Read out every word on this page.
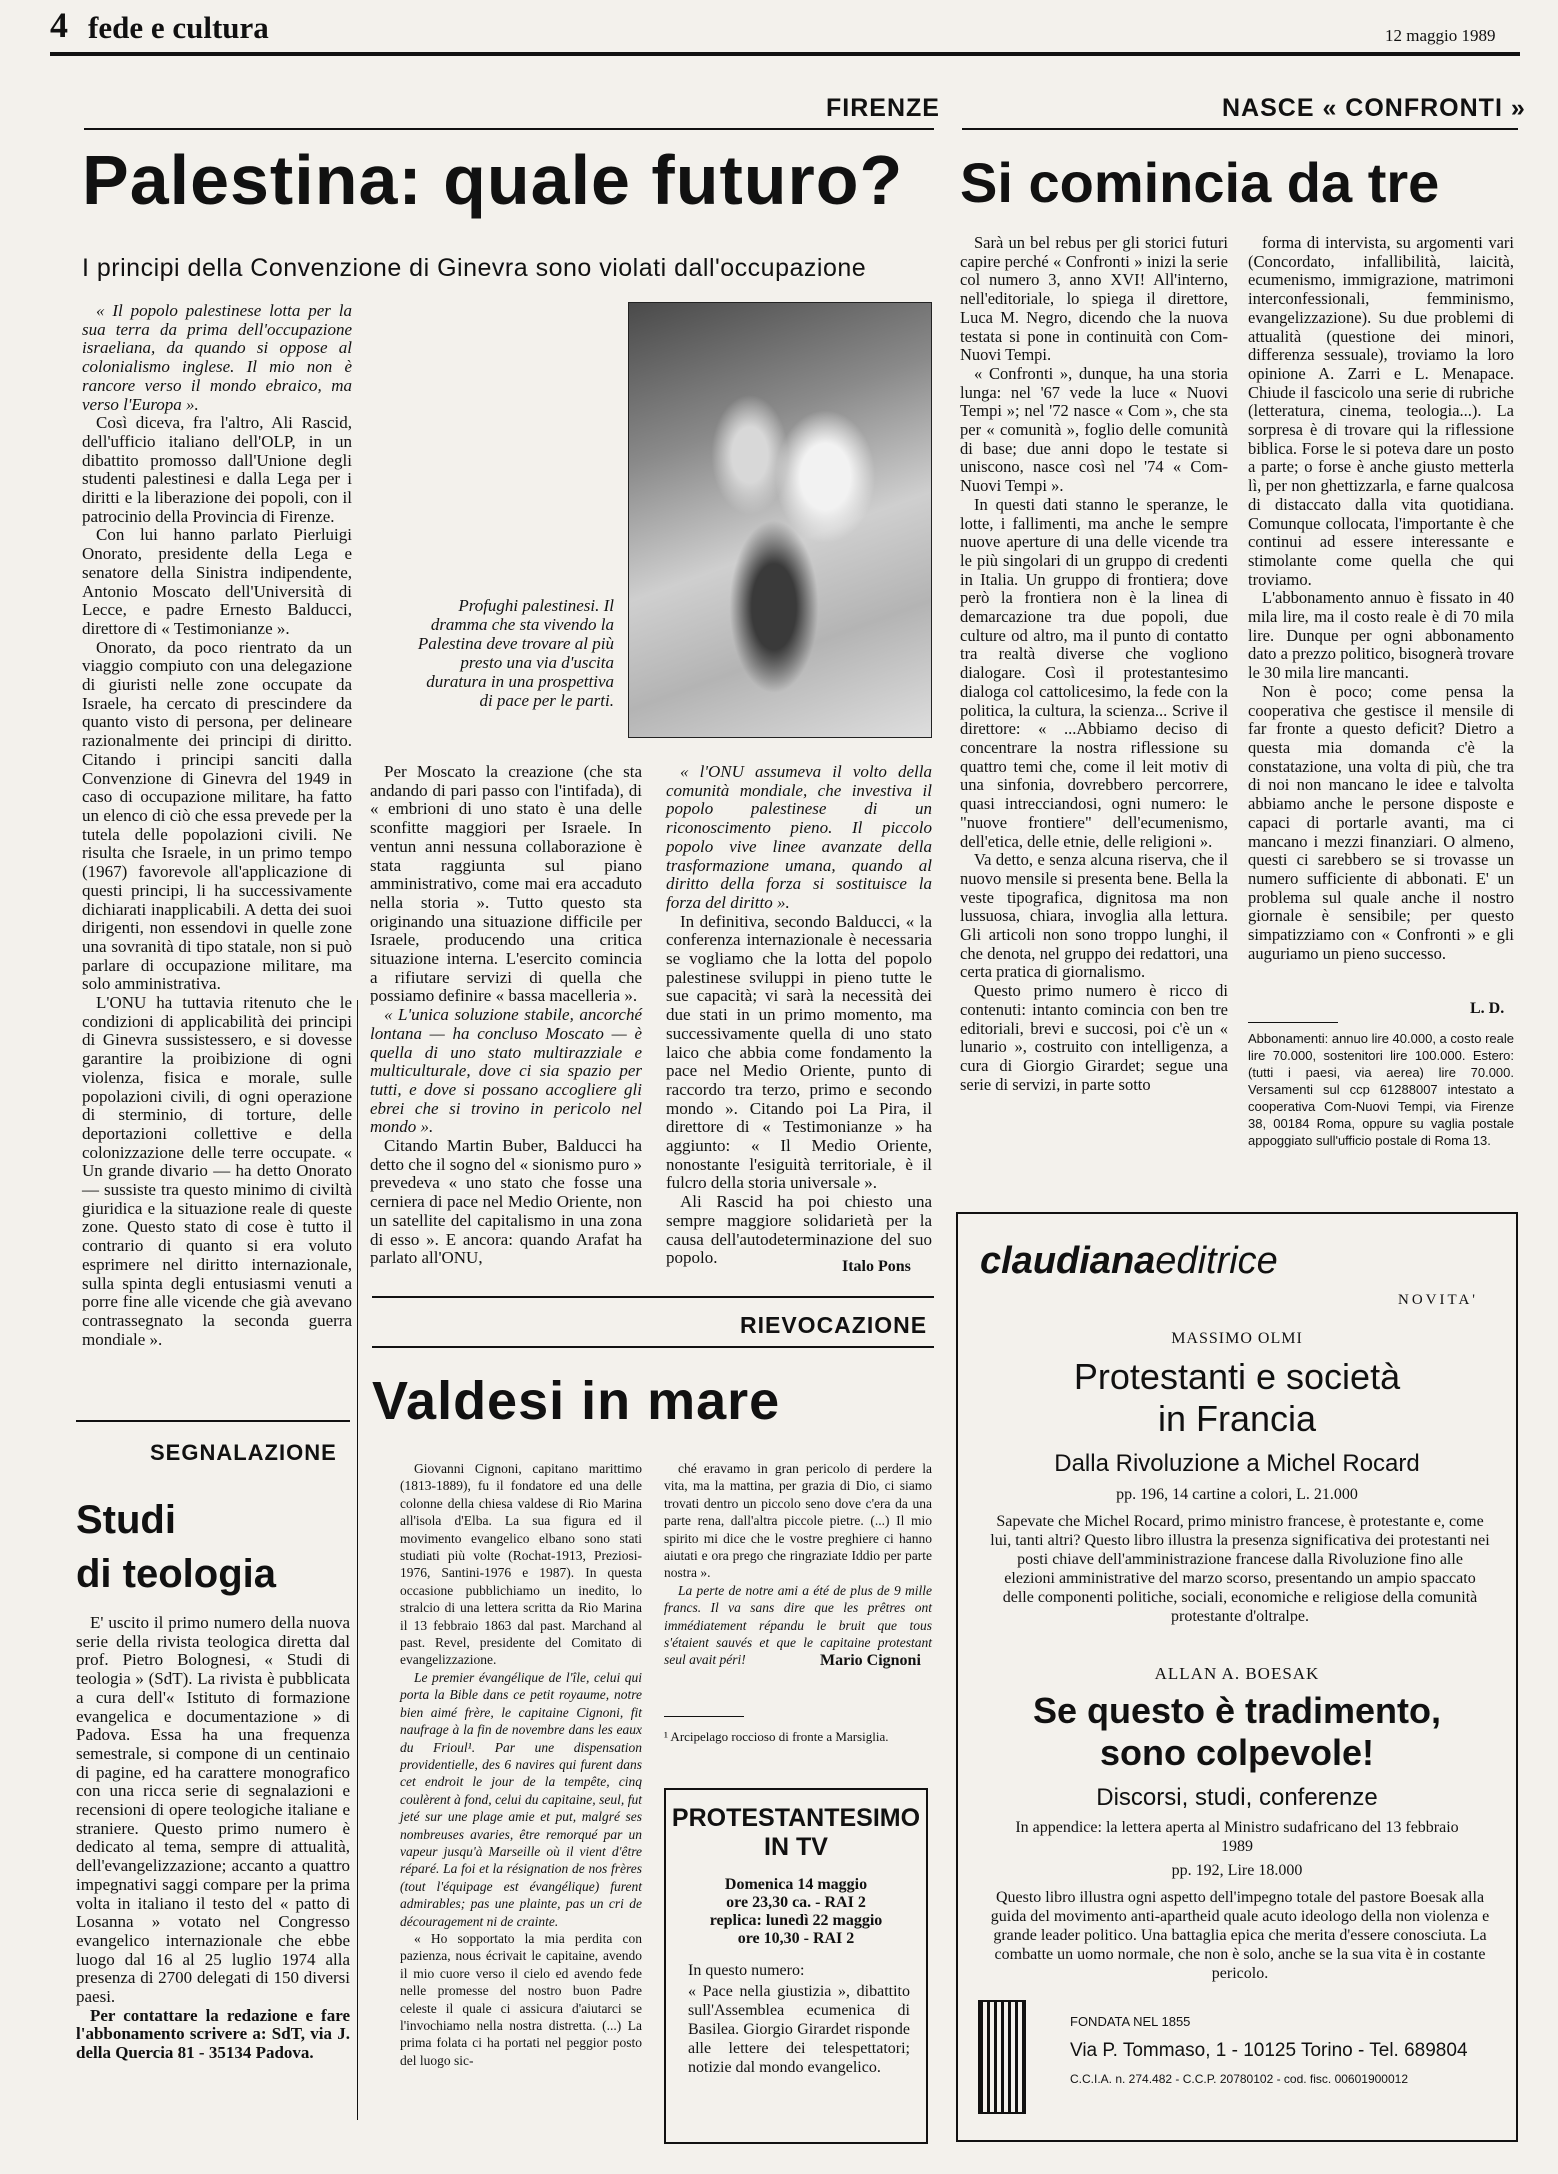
4 fede e cultura	12 maggio 1989
FIRENZE
Palestina: quale futuro?
I principi della Convenzione di Ginevra sono violati dall'occupazione

« Il popolo palestinese lotta per la sua terra da prima dell'occupazione israeliana, da quando si oppose al colonialismo inglese. Il mio non è rancore verso il mondo ebraico, ma verso l'Europa ».

Così diceva, fra l'altro, Ali Rascid, dell'ufficio italiano dell'OLP, in un dibattito promosso dall'Unione degli studenti palestinesi e dalla Lega per i diritti e la liberazione dei popoli, con il patrocinio della Provincia di Firenze.

Con lui hanno parlato Pierluigi Onorato, presidente della Lega e senatore della Sinistra indipendente, Antonio Moscato dell'Università di Lecce, e padre Ernesto Balducci, direttore di « Testimonianze ».

Onorato, da poco rientrato da un viaggio compiuto con una delegazione di giuristi nelle zone occupate da Israele, ha cercato di prescindere da quanto visto di persona, per delineare razionalmente dei principi di diritto. Citando i principi sanciti dalla Convenzione di Ginevra del 1949 in caso di occupazione militare, ha fatto un elenco di ciò che essa prevede per la tutela delle popolazioni civili. Ne risulta che Israele, in un primo tempo (1967) favorevole all'applicazione di questi principi, li ha successivamente dichiarati inapplicabili. A detta dei suoi dirigenti, non essendovi in quelle zone una sovranità di tipo statale, non si può parlare di occupazione militare, ma solo amministrativa.

L'ONU ha tuttavia ritenuto che le condizioni di applicabilità dei principi di Ginevra sussistessero, e si dovesse garantire la proibizione di ogni violenza, fisica e morale, sulle popolazioni civili, di ogni operazione di sterminio, di torture, delle deportazioni collettive e della colonizzazione delle terre occupate. « Un grande divario — ha detto Onorato — sussiste tra questo minimo di civiltà giuridica e la situazione reale di queste zone. Questo stato di cose è tutto il contrario di quanto si era voluto esprimere nel diritto internazionale, sulla spinta degli entusiasmi venuti a porre fine alle vicende che già avevano contrassegnato la seconda guerra mondiale ».

Profughi palestinesi. Il dramma che sta vivendo la Palestina deve trovare al più presto una via d'uscita duratura in una prospettiva di pace per le parti.

Per Moscato la creazione (che sta andando di pari passo con l'intifada), di « embrioni di uno stato è una delle sconfitte maggiori per Israele. In ventun anni nessuna collaborazione è stata raggiunta sul piano amministrativo, come mai era accaduto nella storia ». Tutto questo sta originando una situazione difficile per Israele, producendo una critica situazione interna. L'esercito comincia a rifiutare servizi di quella che possiamo definire « bassa macelleria ».

« L'unica soluzione stabile, ancorché lontana — ha concluso Moscato — è quella di uno stato multirazziale e multiculturale, dove ci sia spazio per tutti, e dove si possano accogliere gli ebrei che si trovino in pericolo nel mondo ».

Citando Martin Buber, Balducci ha detto che il sogno del « sionismo puro » prevedeva « uno stato che fosse una cerniera di pace nel Medio Oriente, non un satellite del capitalismo in una zona di esso ». E ancora: quando Arafat ha parlato all'ONU,

« l'ONU assumeva il volto della comunità mondiale, che investiva il popolo palestinese di un riconoscimento pieno. Il piccolo popolo vive linee avanzate della trasformazione umana, quando al diritto della forza si sostituisce la forza del diritto ».

In definitiva, secondo Balducci, « la conferenza internazionale è necessaria se vogliamo che la lotta del popolo palestinese sviluppi in pieno tutte le sue capacità; vi sarà la necessità dei due stati in un primo momento, ma successivamente quella di uno stato laico che abbia come fondamento la pace nel Medio Oriente, punto di raccordo tra terzo, primo e secondo mondo ». Citando poi La Pira, il direttore di « Testimonianze » ha aggiunto: « Il Medio Oriente, nonostante l'esiguità territoriale, è il fulcro della storia universale ».

Ali Rascid ha poi chiesto una sempre maggiore solidarietà per la causa dell'autodeterminazione del suo popolo.	Italo Pons
NASCE « CONFRONTI »
Si comincia da tre

Sarà un bel rebus per gli storici futuri capire perché « Confronti » inizi la serie col numero 3, anno XVI! All'interno, nell'editoriale, lo spiega il direttore, Luca M. Negro, dicendo che la nuova testata si pone in continuità con Com-Nuovi Tempi.

« Confronti », dunque, ha una storia lunga: nel '67 vede la luce « Nuovi Tempi »; nel '72 nasce « Com », che sta per « comunità », foglio delle comunità di base; due anni dopo le testate si uniscono, nasce così nel '74 « Com-Nuovi Tempi ».

In questi dati stanno le speranze, le lotte, i fallimenti, ma anche le sempre nuove aperture di una delle vicende tra le più singolari di un gruppo di credenti in Italia. Un gruppo di frontiera; dove però la frontiera non è la linea di demarcazione tra due popoli, due culture od altro, ma il punto di contatto tra realtà diverse che vogliono dialogare. Così il protestantesimo dialoga col cattolicesimo, la fede con la politica, la cultura, la scienza... Scrive il direttore: « ...Abbiamo deciso di concentrare la nostra riflessione su quattro temi che, come il leit motiv di una sinfonia, dovrebbero percorrere, quasi intrecciandosi, ogni numero: le "nuove frontiere" dell'ecumenismo, dell'etica, delle etnie, delle religioni ».

Va detto, e senza alcuna riserva, che il nuovo mensile si presenta bene. Bella la veste tipografica, dignitosa ma non lussuosa, chiara, invoglia alla lettura. Gli articoli non sono troppo lunghi, il che denota, nel gruppo dei redattori, una certa pratica di giornalismo.

Questo primo numero è ricco di contenuti: intanto comincia con ben tre editoriali, brevi e succosi, poi c'è un « lunario », costruito con intelligenza, a cura di Giorgio Girardet; segue una serie di servizi, in parte sotto

forma di intervista, su argomenti vari (Concordato, infallibilità, laicità, ecumenismo, immigrazione, matrimoni interconfessionali, femminismo, evangelizzazione). Su due problemi di attualità (questione dei minori, differenza sessuale), troviamo la loro opinione A. Zarri e L. Menapace. Chiude il fascicolo una serie di rubriche (letteratura, cinema, teologia...). La sorpresa è di trovare qui la riflessione biblica. Forse le si poteva dare un posto a parte; o forse è anche giusto metterla lì, per non ghettizzarla, e farne qualcosa di distaccato dalla vita quotidiana. Comunque collocata, l'importante è che continui ad essere interessante e stimolante come quella che qui troviamo.

L'abbonamento annuo è fissato in 40 mila lire, ma il costo reale è di 70 mila lire. Dunque per ogni abbonamento dato a prezzo politico, bisognerà trovare le 30 mila lire mancanti.

Non è poco; come pensa la cooperativa che gestisce il mensile di far fronte a questo deficit? Dietro a questa mia domanda c'è la constatazione, una volta di più, che tra di noi non mancano le idee e talvolta abbiamo anche le persone disposte e capaci di portarle avanti, ma ci mancano i mezzi finanziari. O almeno, questi ci sarebbero se si trovasse un numero sufficiente di abbonati. E' un problema sul quale anche il nostro giornale è sensibile; per questo simpatizziamo con « Confronti » e gli auguriamo un pieno successo.

L. D.
Abbonamenti: annuo lire 40.000, a costo reale lire 70.000, sostenitori lire 100.000. Estero: (tutti i paesi, via aerea) lire 70.000. Versamenti sul ccp 61288007 intestato a cooperativa Com-Nuovi Tempi, via Firenze 38, 00184 Roma, oppure su vaglia postale appoggiato sull'ufficio postale di Roma 13.
SEGNALAZIONE
Studi
di teologia

E' uscito il primo numero della nuova serie della rivista teologica diretta dal prof. Pietro Bolognesi, « Studi di teologia » (SdT). La rivista è pubblicata a cura dell'« Istituto di formazione evangelica e documentazione » di Padova. Essa ha una frequenza semestrale, si compone di un centinaio di pagine, ed ha carattere monografico con una ricca serie di segnalazioni e recensioni di opere teologiche italiane e straniere. Questo primo numero è dedicato al tema, sempre di attualità, dell'evangelizzazione; accanto a quattro impegnativi saggi compare per la prima volta in italiano il testo del « patto di Losanna » votato nel Congresso evangelico internazionale che ebbe luogo dal 16 al 25 luglio 1974 alla presenza di 2700 delegati di 150 diversi paesi.

Per contattare la redazione e fare l'abbonamento scrivere a: SdT, via J. della Quercia 81 - 35134 Padova.

RIEVOCAZIONE
Valdesi in mare

Giovanni Cignoni, capitano marittimo (1813-1889), fu il fondatore ed una delle colonne della chiesa valdese di Rio Marina all'isola d'Elba. La sua figura ed il movimento evangelico elbano sono stati studiati più volte (Rochat-1913, Preziosi-1976, Santini-1976 e 1987). In questa occasione pubblichiamo un inedito, lo stralcio di una lettera scritta da Rio Marina il 13 febbraio 1863 dal past. Marchand al past. Revel, presidente del Comitato di evangelizzazione.

Le premier évangélique de l'île, celui qui porta la Bible dans ce petit royaume, notre bien aimé frère, le capitaine Cignoni, fit naufrage à la fin de novembre dans les eaux du Frioul¹. Par une dispensation providentielle, des 6 navires qui furent dans cet endroit le jour de la tempête, cinq coulèrent à fond, celui du capitaine, seul, fut jeté sur une plage amie et put, malgré ses nombreuses avaries, être remorqué par un vapeur jusqu'à Marseille où il vient d'être réparé. La foi et la résignation de nos frères (tout l'équipage est évangélique) furent admirables; pas une plainte, pas un cri de découragement ni de crainte.

« Ho sopportato la mia perdita con pazienza, nous écrivait le capitaine, avendo il mio cuore verso il cielo ed avendo fede nelle promesse del nostro buon Padre celeste il quale ci assicura d'aiutarci se l'invochiamo nella nostra distretta. (...) La prima folata ci ha portati nel peggior posto del luogo sic-

ché eravamo in gran pericolo di perdere la vita, ma la mattina, per grazia di Dio, ci siamo trovati dentro un piccolo seno dove c'era da una parte rena, dall'altra piccole pietre. (...) Il mio spirito mi dice che le vostre preghiere ci hanno aiutati e ora prego che ringraziate Iddio per parte nostra ».

La perte de notre ami a été de plus de 9 mille francs. Il va sans dire que les prêtres ont immédiatement répandu le bruit que tous s'étaient sauvés et que le capitaine protestant seul avait péri!	Mario Cignoni
¹ Arcipelago roccioso di fronte a Marsiglia.
PROTESTANTESIMO
IN TV
Domenica 14 maggio
ore 23,30 ca. - RAI 2
replica: lunedì 22 maggio
ore 10,30 - RAI 2
In questo numero:
« Pace nella giustizia », dibattito sull'Assemblea ecumenica di Basilea. Giorgio Girardet risponde alle lettere dei telespettatori; notizie dal mondo evangelico.
claudianaeditrice
NOVITA'
MASSIMO OLMI
Protestanti e società
in Francia
Dalla Rivoluzione a Michel Rocard
pp. 196, 14 cartine a colori, L. 21.000
Sapevate che Michel Rocard, primo ministro francese, è protestante e, come lui, tanti altri? Questo libro illustra la presenza significativa dei protestanti nei posti chiave dell'amministrazione francese dalla Rivoluzione fino alle elezioni amministrative del marzo scorso, presentando un ampio spaccato delle componenti politiche, sociali, economiche e religiose della comunità protestante d'oltralpe.
ALLAN A. BOESAK
Se questo è tradimento,
sono colpevole!
Discorsi, studi, conferenze
In appendice: la lettera aperta al Ministro sudafricano del 13 febbraio 1989
pp. 192, Lire 18.000
Questo libro illustra ogni aspetto dell'impegno totale del pastore Boesak alla guida del movimento anti-apartheid quale acuto ideologo della non violenza e grande leader politico. Una battaglia epica che merita d'essere conosciuta. La combatte un uomo normale, che non è solo, anche se la sua vita è in costante pericolo.
FONDATA NEL 1855
Via P. Tommaso, 1 - 10125 Torino - Tel. 689804
C.C.I.A. n. 274.482 - C.C.P. 20780102 - cod. fisc. 00601900012
